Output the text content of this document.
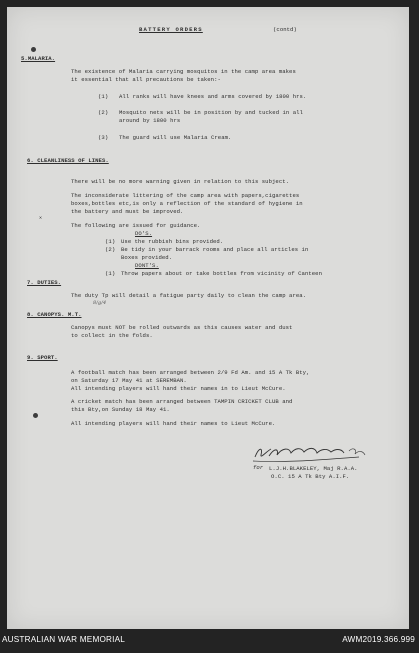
✕
BATTERY ORDERS	(contd)
5.MALARIA.
The existence of Malaria carrying mosquitos in the camp area makes
it essential that all precautions be taken:-
(1) All ranks will have knees and arms covered by 1800 hrs.
(2) Mosquito nets will be in position by and tucked in all
around by 1800 hrs
(3) The guard will use Malaria Cream.
6. CLEANLINESS OF LINES.
There will be no more warning given in relation to this subject.
The inconsiderate littering of the camp area with papers,cigarettes
boxes,bottles etc,is only a reflection of the standard of hygiene in
the battery and must be improved.
The following are issued for guidance.
DO'S.
(1) Use the rubbish bins provided.
(2) Be tidy in your barrack rooms and place all articles in
Boxes provided.
DONT'S.
(1) Throw papers about or take bottles from vicinity of Canteen
7. DUTIES.
The duty Tp will detail a fatigue party daily to clean the camp area.
8/g/4
8. CANOPYS. M.T.
Canopys must NOT be rolled outwards as this causes water and dust
to collect in the folds.
9. SPORT.
A football match has been arranged between 2/9 Fd Am. and 15 A Tk Bty,
on Saturday 17 May 41 at SEREMBAN.
All intending players will hand their names in to Lieut McCure.
A cricket match has been arranged between TAMPIN CRICKET CLUB and
this Bty,on Sunday 18 May 41.
All intending players will hand their names to Lieut McCure.
for L.J.H.BLAKELEY, Maj R.A.A.
O.C. 15 A Tk Bty A.I.F.
AUSTRALIAN WAR MEMORIAL	AWM2019.366.999
